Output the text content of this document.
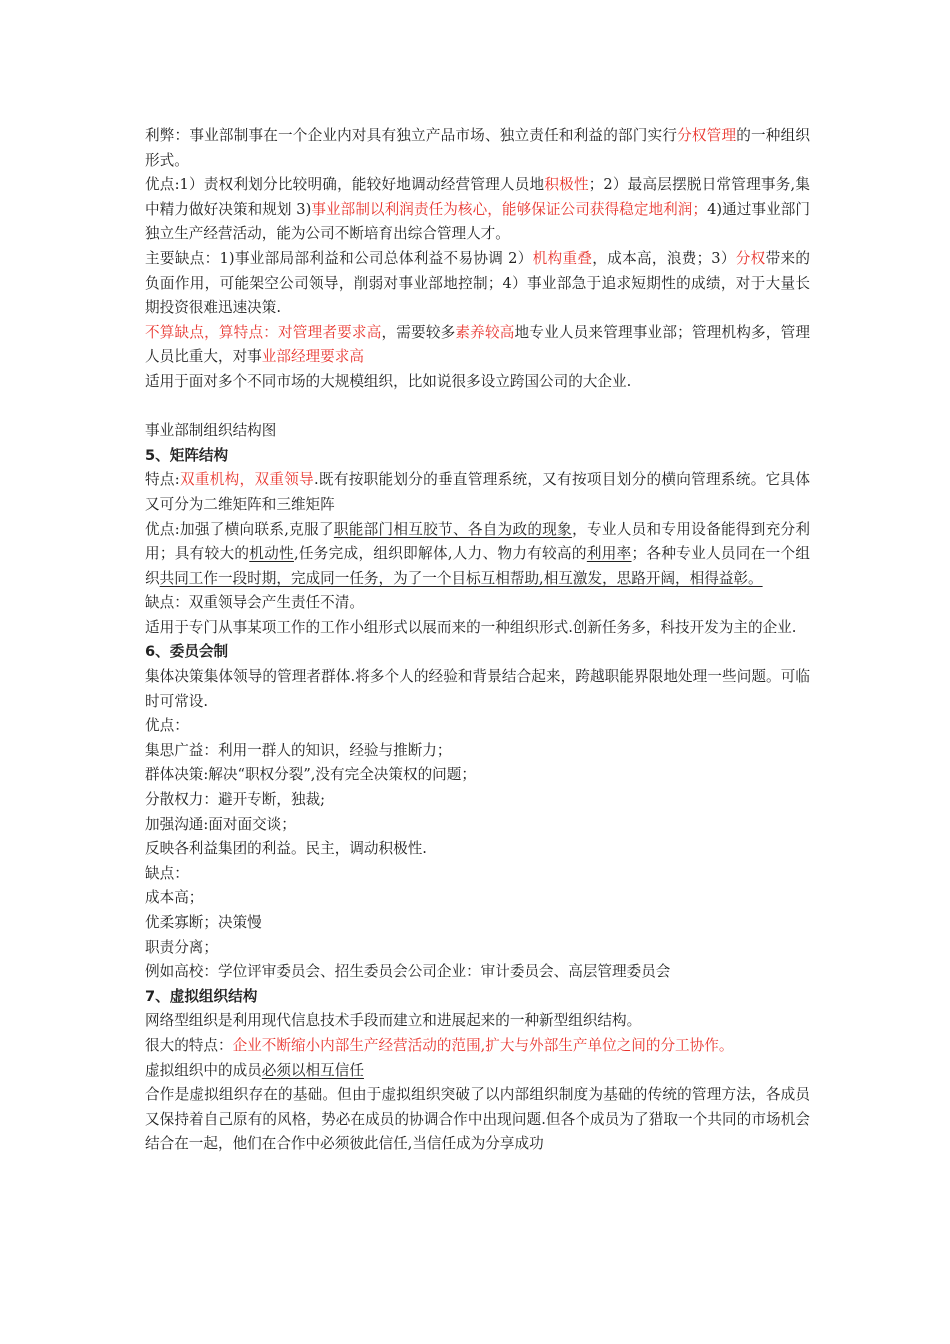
利弊：事业部制事在一个企业内对具有独立产品市场、独立责任和利益的部门实行分权管理的一种组织形式。

优点:1）责权利划分比较明确，能较好地调动经营管理人员地积极性；2）最高层摆脱日常管理事务,集中精力做好决策和规划 3)事业部制以利润责任为核心，能够保证公司获得稳定地利润；4)通过事业部门独立生产经营活动，能为公司不断培育出综合管理人才。

主要缺点：1)事业部局部利益和公司总体利益不易协调 2）机构重叠，成本高，浪费；3）分权带来的负面作用，可能架空公司领导，削弱对事业部地控制；4）事业部急于追求短期性的成绩，对于大量长期投资很难迅速决策.

不算缺点，算特点：对管理者要求高，需要较多素养较高地专业人员来管理事业部；管理机构多，管理人员比重大，对事业部经理要求高

适用于面对多个不同市场的大规模组织，比如说很多设立跨国公司的大企业.

事业部制组织结构图

5、矩阵结构

特点:双重机构，双重领导.既有按职能划分的垂直管理系统，又有按项目划分的横向管理系统。它具体又可分为二维矩阵和三维矩阵

优点:加强了横向联系,克服了职能部门相互胶节、各自为政的现象，专业人员和专用设备能得到充分利用；具有较大的机动性,任务完成，组织即解体,人力、物力有较高的利用率；各种专业人员同在一个组织共同工作一段时期，完成同一任务，为了一个目标互相帮助,相互激发，思路开阔，相得益彰。

缺点：双重领导会产生责任不清。

适用于专门从事某项工作的工作小组形式以展而来的一种组织形式.创新任务多，科技开发为主的企业.

6、委员会制

集体决策集体领导的管理者群体.将多个人的经验和背景结合起来，跨越职能界限地处理一些问题。可临时可常设.

优点：

集思广益：利用一群人的知识，经验与推断力；

群体决策:解决“职权分裂”,没有完全决策权的问题；

分散权力：避开专断，独裁;

加强沟通:面对面交谈；

反映各利益集团的利益。民主，调动积极性.

缺点：

成本高；

优柔寡断；决策慢

职责分离；

例如高校：学位评审委员会、招生委员会公司企业：审计委员会、高层管理委员会

7、虚拟组织结构

网络型组织是利用现代信息技术手段而建立和进展起来的一种新型组织结构。

很大的特点：企业不断缩小内部生产经营活动的范围,扩大与外部生产单位之间的分工协作。

虚拟组织中的成员必须以相互信任

合作是虚拟组织存在的基础。但由于虚拟组织突破了以内部组织制度为基础的传统的管理方法，各成员又保持着自己原有的风格，势必在成员的协调合作中出现问题.但各个成员为了猎取一个共同的市场机会结合在一起，他们在合作中必须彼此信任,当信任成为分享成功
